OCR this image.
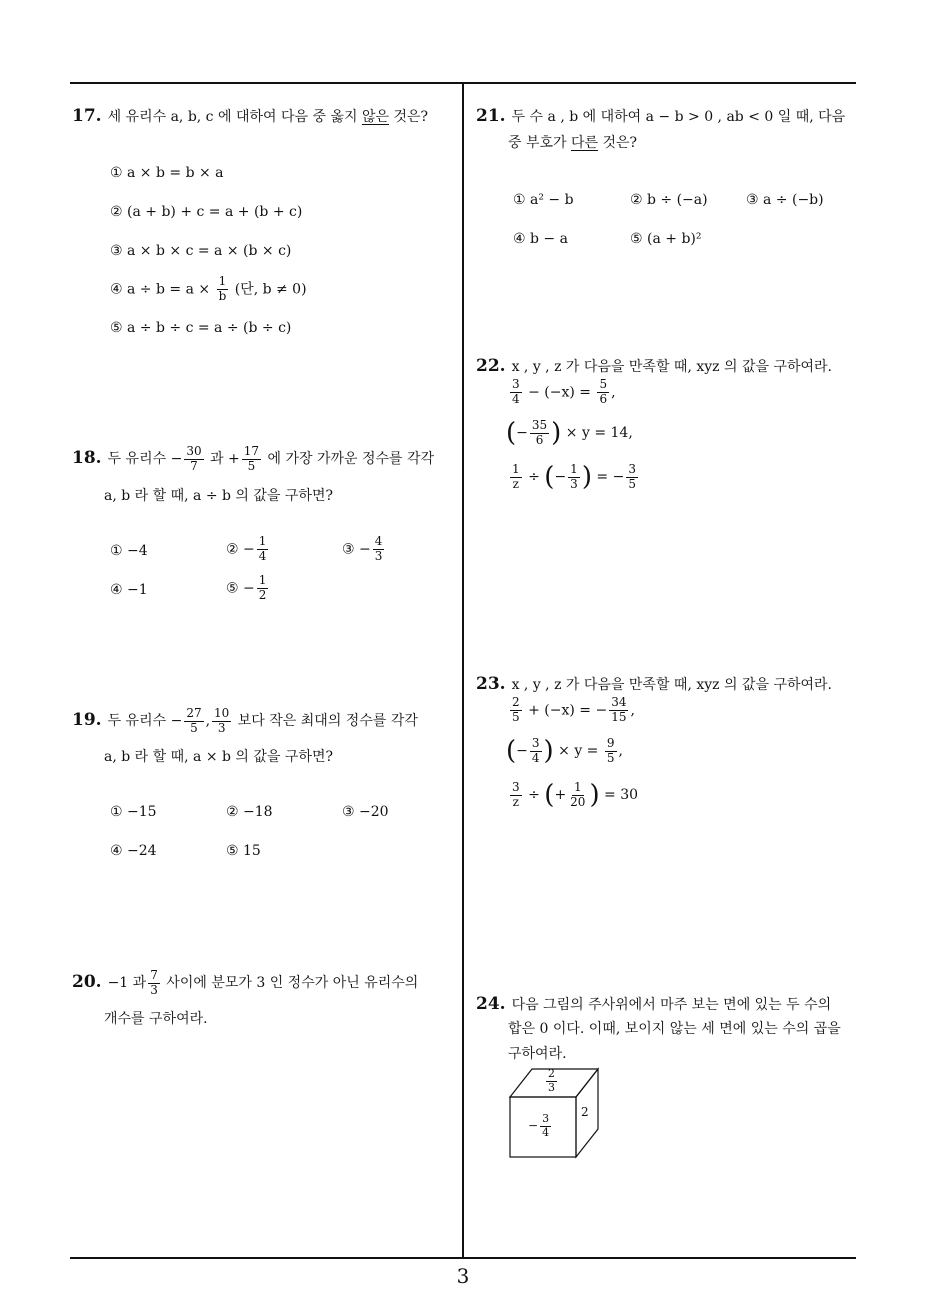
17. 세 유리수 a, b, c 에 대하여 다음 중 옳지 않은 것은?
① a × b = b × a
② (a + b) + c = a + (b + c)
③ a × b × c = a × (b × c)
④ $a \div b = a \times \frac{1}{b}$ (단, b ≠ 0)
⑤ a ÷ b ÷ c = a ÷ (b ÷ c)
18. 두 유리수 − $\frac{30}{7}$ 과 + $\frac{17}{5}$ 에 가장 가까운 정수를 각각
a, b 라 할 때, a ÷ b 의 값을 구하면?
① −4	② − $\frac{1}{4}$	③ − $\frac{4}{3}$
④ −1	⑤ − $\frac{1}{2}$
19. 두 유리수 − $\frac{27}{5}$ , $\frac{10}{3}$ 보다 작은 최대의 정수를 각각
a, b 라 할 때, a × b 의 값을 구하면?
① −15	② −18	③ −20
④ −24	⑤ 15
20. −1 과 $\frac{7}{3}$ 사이에 분모가 3 인 정수가 아닌 유리수의
개수를 구하여라.
21. 두 수 a , b 에 대하여 a − b > 0 , ab < 0 일 때, 다음
중 부호가 다른 것은?
① a² − b	② b ÷ (−a)	③ a ÷ (−b)
④ b − a	⑤ (a + b)²
22. x , y , z 가 다음을 만족할 때, xyz 의 값을 구하여라.
$\frac{3}{4} - (-x) = \frac{5}{6}$ ,
(− $\frac{35}{6}$ ) × y = 14,
$\frac{1}{z}$ ÷ (− $\frac{1}{3}$ ) = − $\frac{3}{5}$
23. x , y , z 가 다음을 만족할 때, xyz 의 값을 구하여라.
$\frac{2}{5} + (-x)$ = − $\frac{34}{15}$ ,
(− $\frac{3}{4}$ ) × $y = \frac{9}{5}$ ,
$\frac{3}{z}$ ÷ (+ $\frac{1}{20}$ ) = 30
24. 다음 그림의 주사위에서 마주 보는 면에 있는 두 수의
합은 0 이다. 이때, 보이지 않는 세 면에 있는 수의 곱을
구하여라.
$\frac{2}{3}$
2
− $\frac{3}{4}$
3
